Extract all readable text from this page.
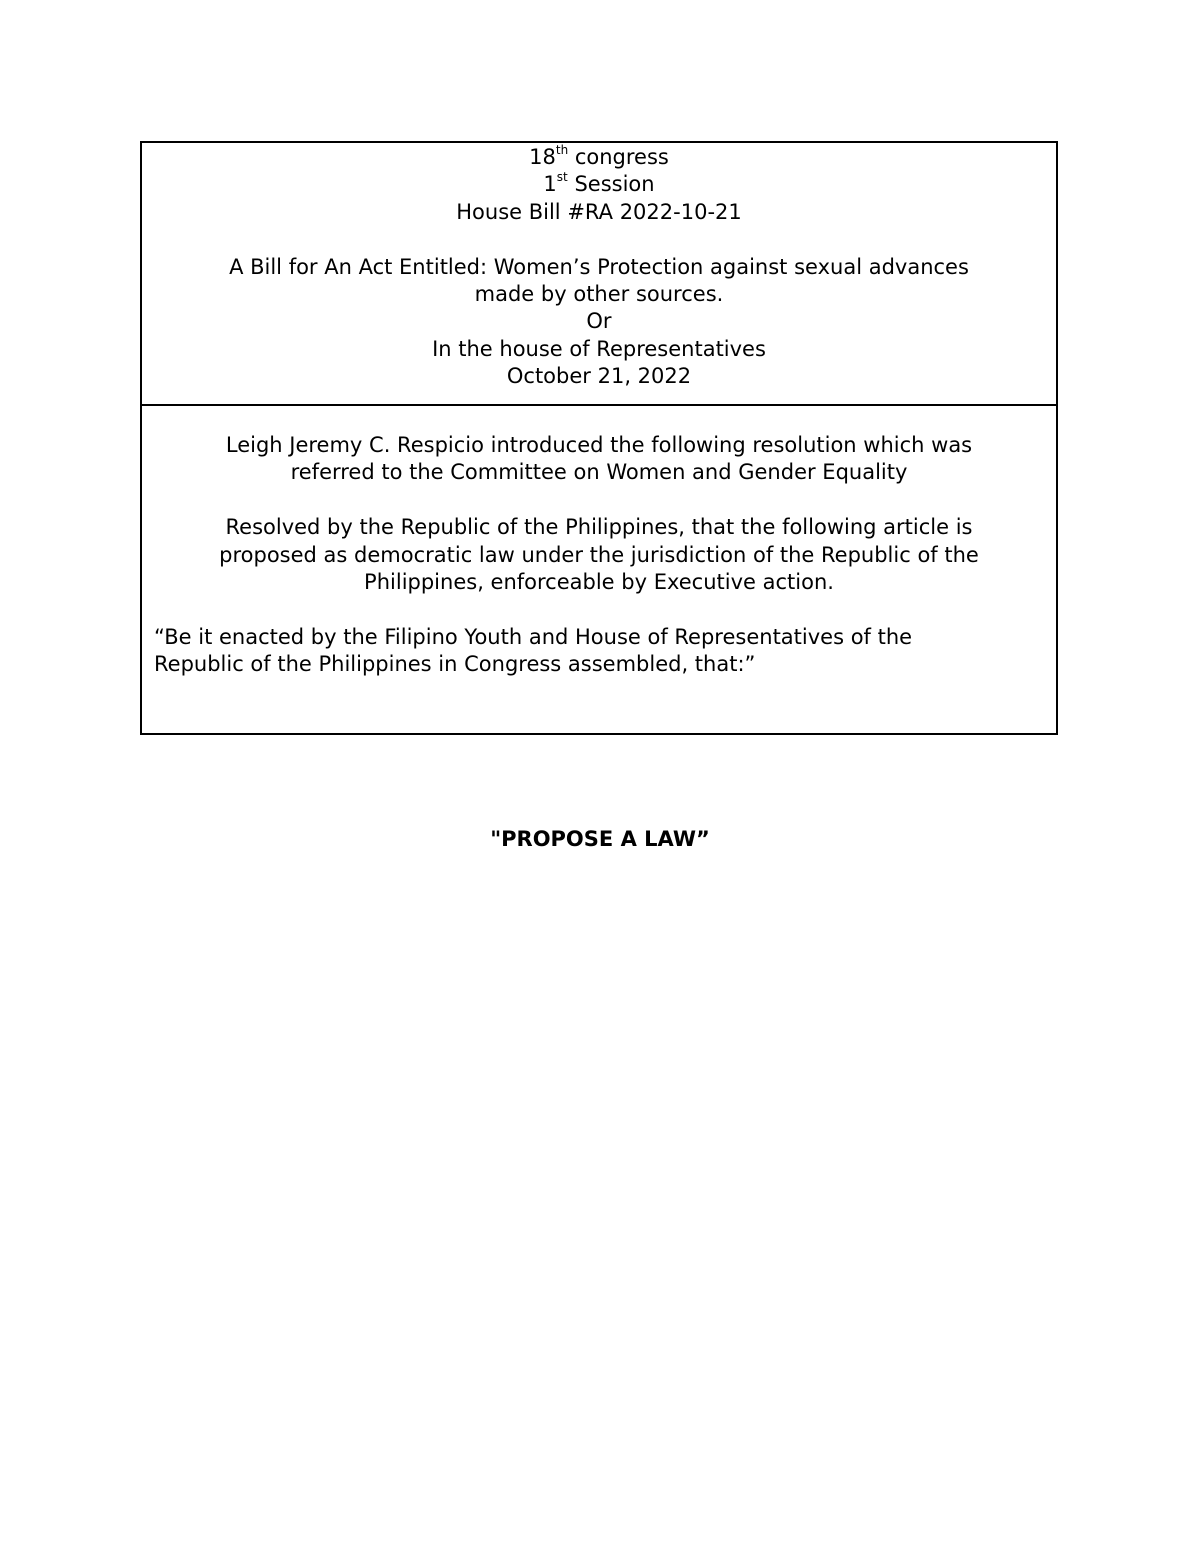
18th congress

1st Session

House Bill #RA 2022-10-21

A Bill for An Act Entitled: Women’s Protection against sexual advances

made by other sources.

Or

In the house of Representatives

October 21, 2022

Leigh Jeremy C. Respicio introduced the following resolution which was

referred to the Committee on Women and Gender Equality

Resolved by the Republic of the Philippines, that the following article is

proposed as democratic law under the jurisdiction of the Republic of the

Philippines, enforceable by Executive action.

“Be it enacted by the Filipino Youth and House of Representatives of the

Republic of the Philippines in Congress assembled, that:”

"PROPOSE A LAW”
